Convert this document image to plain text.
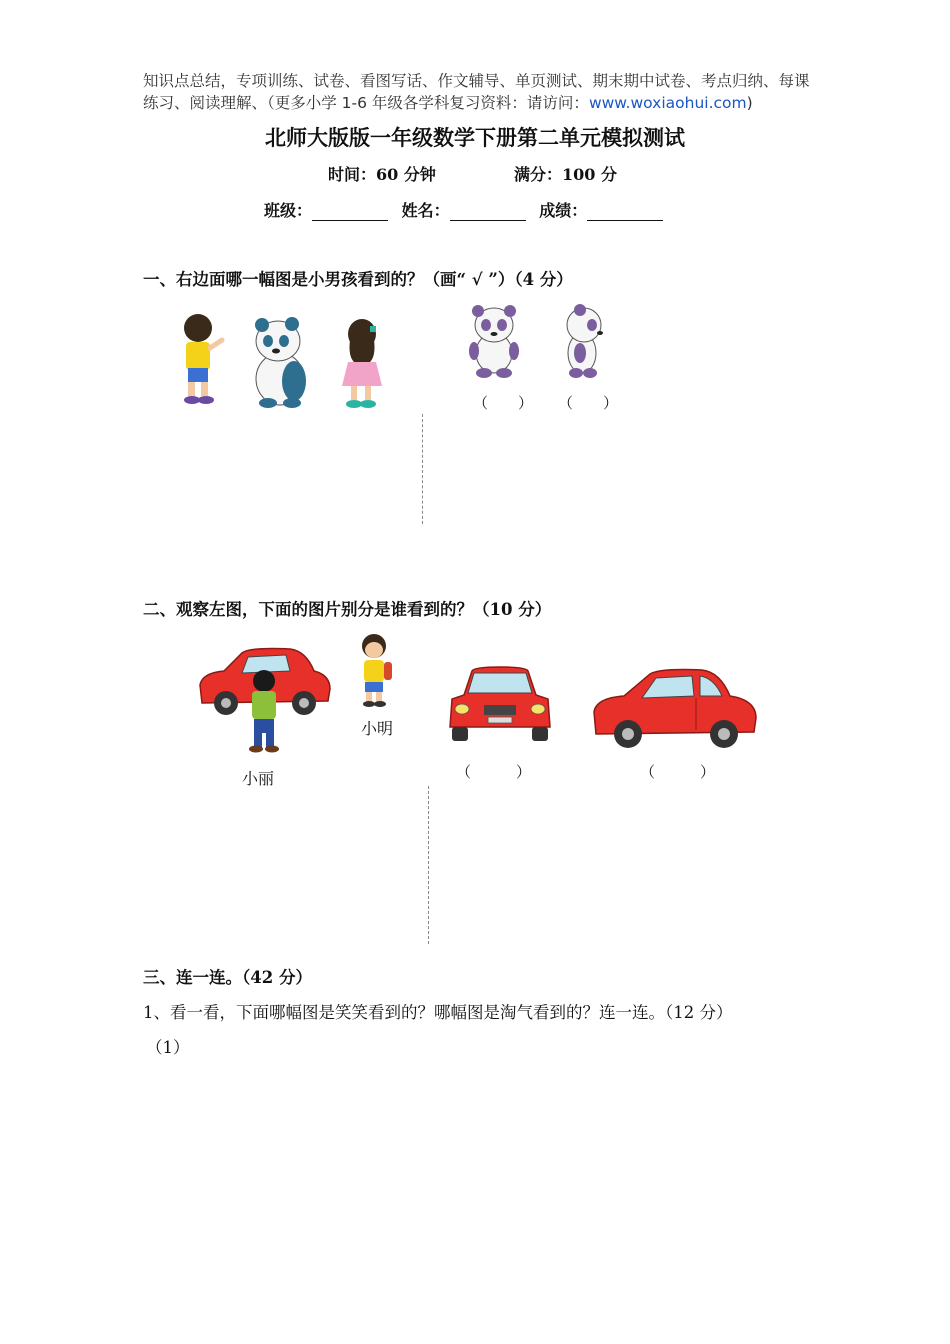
知识点总结，专项训练、试卷、看图写话、作文辅导、单页测试、期末期中试卷、考点归纳、每课练习、阅读理解、（更多小学 1-6 年级各学科复习资料：请访问：www.woxiaohui.com)
北师大版版一年级数学下册第二单元模拟测试
时间：60 分钟	满分：100 分
班级：	姓名：	成绩：
一、右边面哪一幅图是小男孩看到的？（画“ √ ”）（4 分）
（　　） （　　）
二、观察左图，下面的图片别分是谁看到的？（10 分）
小明
小丽	（　　　）	（　　　）
三、连一连。（42 分）
1、看一看，下面哪幅图是笑笑看到的？哪幅图是淘气看到的？连一连。（12 分）
（1）
